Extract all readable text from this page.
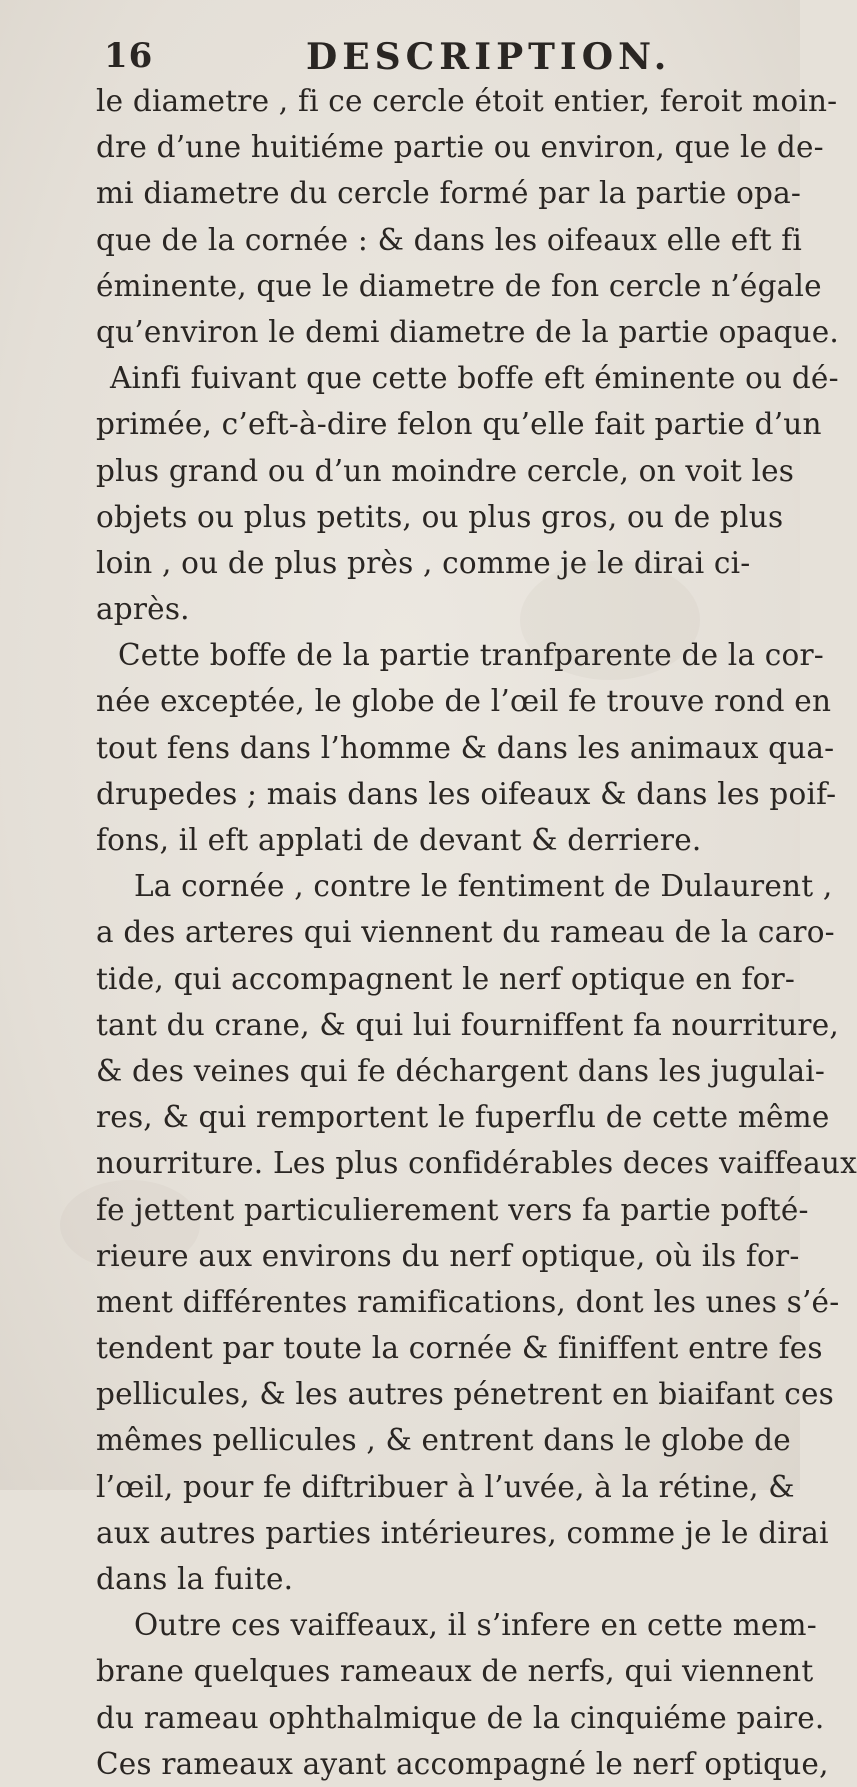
16	DESCRIPTION.
le diametre , fi ce cercle étoit entier, feroit moin-
dre d’une huitiéme partie ou environ, que le de-
mi diametre du cercle formé par la partie opa-
que de la cornée : & dans les oifeaux elle eft fi
éminente, que le diametre de fon cercle n’égale
qu’environ le demi diametre de la partie opaque.
Ainfi fuivant que cette boffe eft éminente ou dé-
primée, c’eft-à-dire felon qu’elle fait partie d’un
plus grand ou d’un moindre cercle, on voit les
objets ou plus petits, ou plus gros, ou de plus
loin , ou de plus près , comme je le dirai ci-
après.
Cette boffe de la partie tranfparente de la cor-
née exceptée, le globe de l’œil fe trouve rond en
tout fens dans l’homme & dans les animaux qua-
drupedes ; mais dans les oifeaux & dans les poif-
fons, il eft applati de devant & derriere.
La cornée , contre le fentiment de Dulaurent ,
a des arteres qui viennent du rameau de la caro-
tide, qui accompagnent le nerf optique en for-
tant du crane, & qui lui fourniffent fa nourriture,
& des veines qui fe déchargent dans les jugulai-
res, & qui remportent le fuperflu de cette même
nourriture. Les plus confidérables deces vaiffeaux
fe jettent particulierement vers fa partie pofté-
rieure aux environs du nerf optique, où ils for-
ment différentes ramifications, dont les unes s’é-
tendent par toute la cornée & finiffent entre fes
pellicules, & les autres pénetrent en biaifant ces
mêmes pellicules , & entrent dans le globe de
l’œil, pour fe diftribuer à l’uvée, à la rétine, &
aux autres parties intérieures, comme je le dirai
dans la fuite.
Outre ces vaiffeaux, il s’infere en cette mem-
brane quelques rameaux de nerfs, qui viennent
du rameau ophthalmique de la cinquiéme paire.
Ces rameaux ayant accompagné le nerf optique,
